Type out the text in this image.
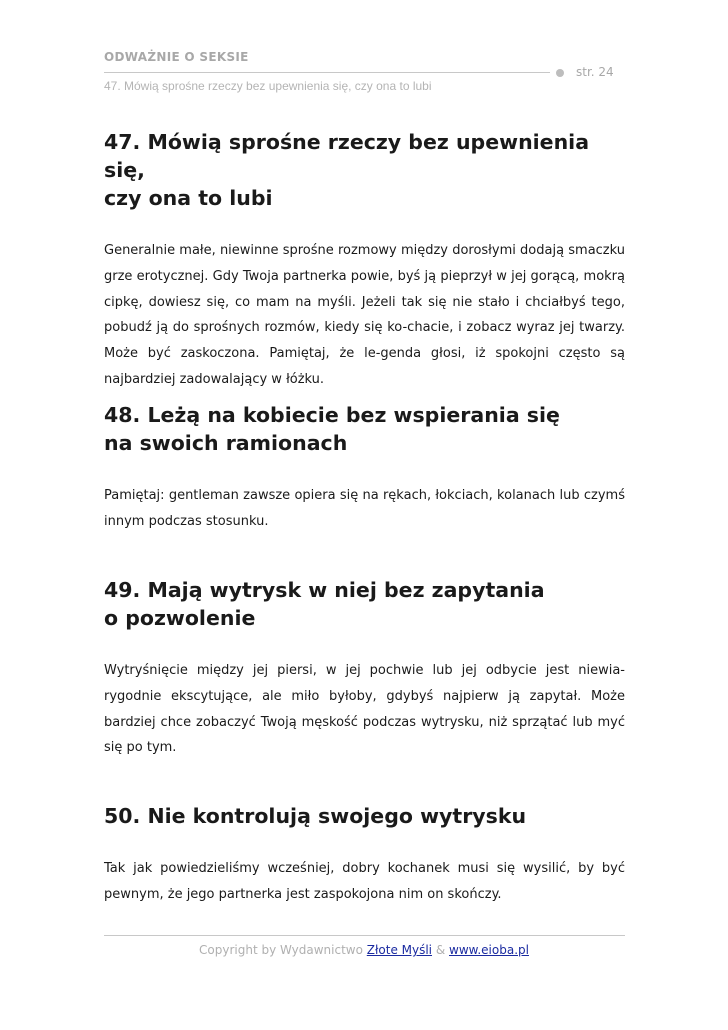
ODWAŻNIE O SEKSIE
str. 24
47. Mówią sprośne rzeczy bez upewnienia się, czy ona to lubi
47. Mówią sprośne rzeczy bez upewnienia się,
czy ona to lubi

Generalnie małe, niewinne sprośne rozmowy między dorosłymi dodają smaczku grze erotycznej. Gdy Twoja partnerka powie, byś ją pieprzył w jej gorącą, mokrą cipkę, dowiesz się, co mam na myśli. Jeżeli tak się nie stało i chciałbyś tego, pobudź ją do sprośnych rozmów, kiedy się ko-chacie, i zobacz wyraz jej twarzy. Może być zaskoczona. Pamiętaj, że le-genda głosi, iż spokojni często są najbardziej zadowalający w łóżku.

48. Leżą na kobiecie bez wspierania się
na swoich ramionach

Pamiętaj: gentleman zawsze opiera się na rękach, łokciach, kolanach lub czymś innym podczas stosunku.

49. Mają wytrysk w niej bez zapytania
o pozwolenie

Wytryśnięcie między jej piersi, w jej pochwie lub jej odbycie jest niewia-rygodnie ekscytujące, ale miło byłoby, gdybyś najpierw ją zapytał. Może bardziej chce zobaczyć Twoją męskość podczas wytrysku, niż sprzątać lub myć się po tym.

50. Nie kontrolują swojego wytrysku

Tak jak powiedzieliśmy wcześniej, dobry kochanek musi się wysilić, by być pewnym, że jego partnerka jest zaspokojona nim on skończy.

Copyright by Wydawnictwo Złote Myśli & www.eioba.pl
